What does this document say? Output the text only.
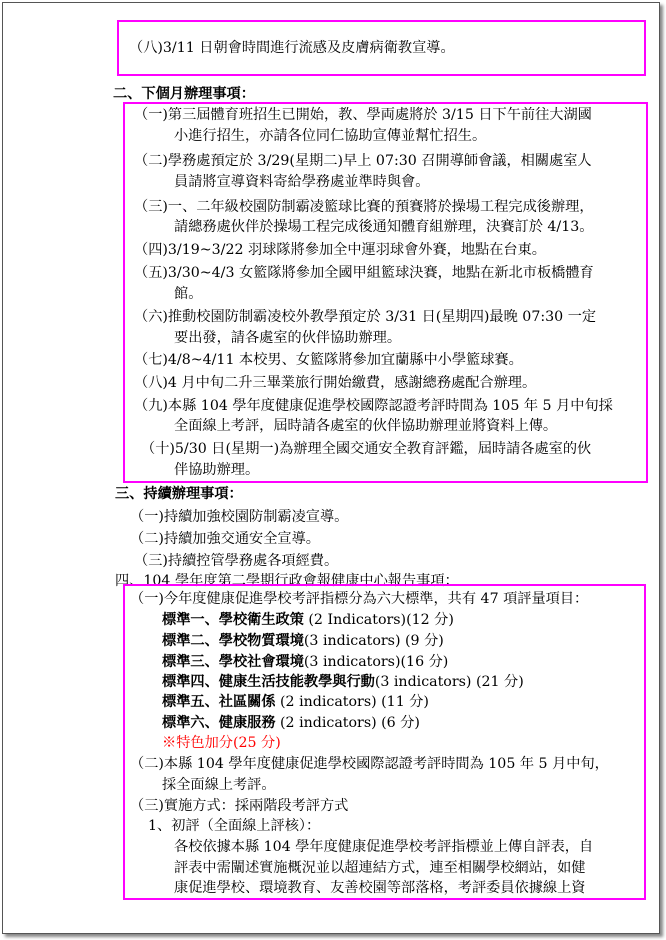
（八)3/11 日朝會時間進行流感及皮膚病衛教宣導。
二、下個月辦理事項：
（一)第三屆體育班招生已開始，教、學両處將於 3/15 日下午前往大湖國
小進行招生，亦請各位同仁協助宣傳並幫忙招生。
（二)學務處預定於 3/29(星期二)早上 07:30 召開導師會議，相關處室人
員請將宣導資料寄給學務處並準時與會。
（三)一、二年級校園防制霸凌籃球比賽的預賽將於操場工程完成後辦理，
請總務處伙伴於操場工程完成後通知體育組辦理，決賽訂於 4/13。
（四)3/19~3/22 羽球隊將參加全中運羽球會外賽，地點在台東。
（五)3/30~4/3 女籃隊將參加全國甲組籃球決賽，地點在新北市板橋體育
館。
（六)推動校園防制霸凌校外教學預定於 3/31 日(星期四)最晚 07:30 一定
要出發，請各處室的伙伴協助辦理。
（七)4/8~4/11 本校男、女籃隊將參加宜蘭縣中小學籃球賽。
（八)4 月中旬二升三畢業旅行開始繳費，感謝總務處配合辦理。
（九)本縣 104 學年度健康促進學校國際認證考評時間為 105 年 5 月中旬採
全面線上考評，屆時請各處室的伙伴協助辦理並將資料上傳。
（十)5/30 日(星期一)為辦理全國交通安全教育評鑑，屆時請各處室的伙
伴協助辦理。
三、持續辦理事項：
（一)持續加強校園防制霸凌宣導。
（二)持續加強交通安全宣導。
（三)持續控管學務處各項經費。
四、104 學年度第二學期行政會報健康中心報告事項：
（一)今年度健康促進學校考評指標分為六大標準，共有 47 項評量項目：
標準一、學校衛生政策 (2 Indicators)(12 分)
標準二、學校物質環境(3 indicators) (9 分)
標準三、學校社會環境(3 indicators)(16 分)
標準四、健康生活技能教學與行動(3 indicators) (21 分)
標準五、社區關係 (2 indicators) (11 分)
標準六、健康服務 (2 indicators) (6 分)
※特色加分(25 分)
（二)本縣 104 學年度健康促進學校國際認證考評時間為 105 年 5 月中旬，
採全面線上考評。
（三)實施方式：採兩階段考評方式
1、初評（全面線上評核）：
各校依據本縣 104 學年度健康促進學校考評指標並上傳自評表，自
評表中需闡述實施概況並以超連結方式，連至相關學校網站，如健
康促進學校、環境教育、友善校園等部落格，考評委員依據線上資
